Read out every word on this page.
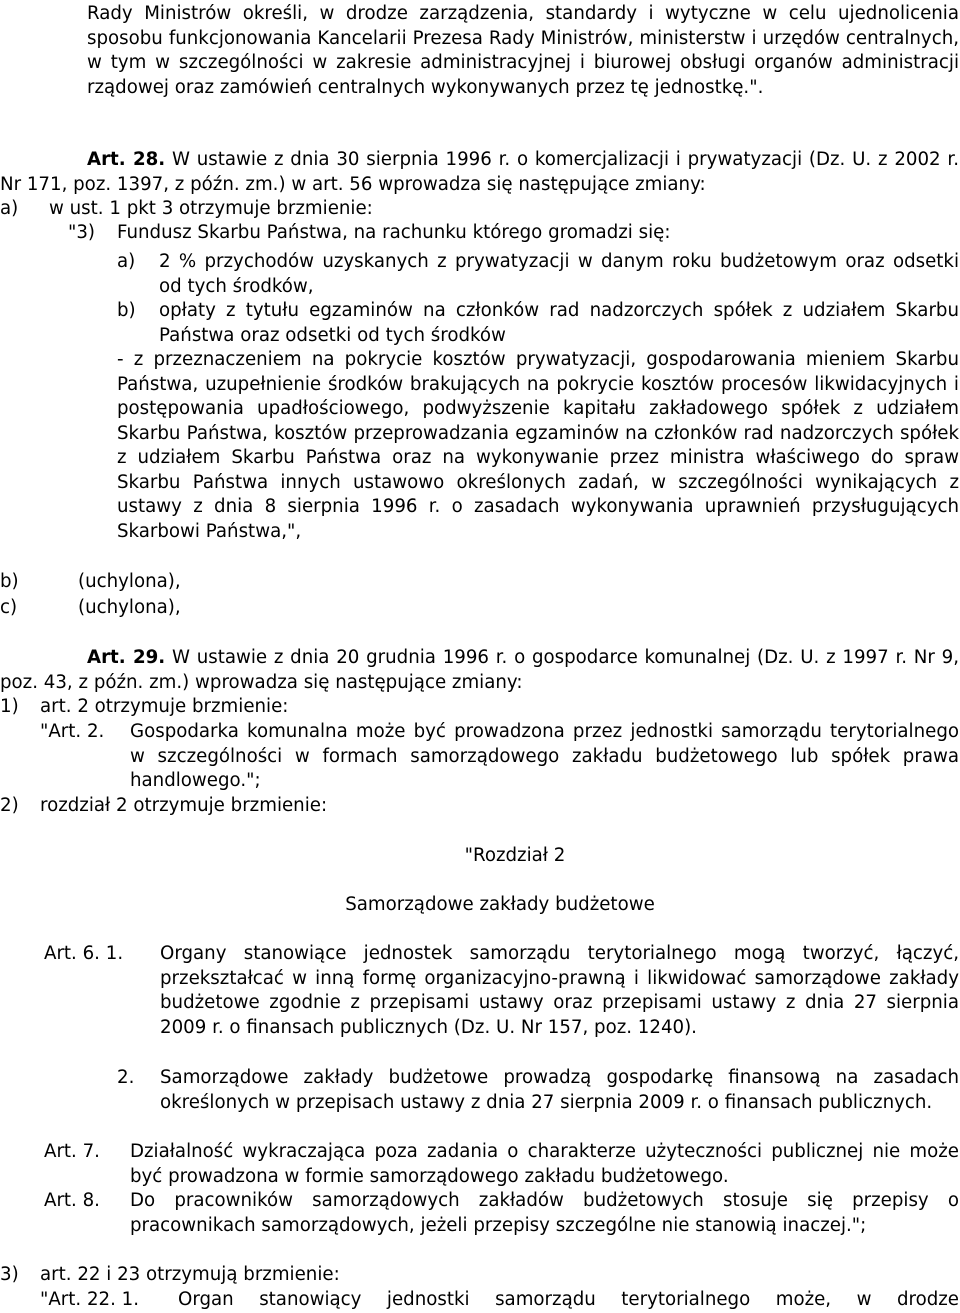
Rady Ministrów określi, w drodze zarządzenia, standardy i wytyczne w celu ujednolicenia sposobu funkcjonowania Kancelarii Prezesa Rady Ministrów, ministerstw i urzędów centralnych, w tym w szczególności w zakresie administracyjnej i biurowej obsługi organów administracji rządowej oraz zamówień centralnych wykonywanych przez tę jednostkę.".

Art. 28. W ustawie z dnia 30 sierpnia 1996 r. o komercjalizacji i prywatyzacji (Dz. U. z 2002 r. Nr 171, poz. 1397, z późn. zm.) w art. 56 wprowadza się następujące zmiany:

a)	w ust. 1 pkt 3 otrzymuje brzmienie:
"3)	Fundusz Skarbu Państwa, na rachunku którego gromadzi się:
a)	2 % przychodów uzyskanych z prywatyzacji w danym roku budżetowym oraz odsetki od tych środków,
b)	opłaty z tytułu egzaminów na członków rad nadzorczych spółek z udziałem Skarbu Państwa oraz odsetki od tych środków

- z przeznaczeniem na pokrycie kosztów prywatyzacji, gospodarowania mieniem Skarbu Państwa, uzupełnienie środków brakujących na pokrycie kosztów procesów likwidacyjnych i postępowania upadłościowego, podwyższenie kapitału zakładowego spółek z udziałem Skarbu Państwa, kosztów przeprowadzania egzaminów na członków rad nadzorczych spółek z udziałem Skarbu Państwa oraz na wykonywanie przez ministra właściwego do spraw Skarbu Państwa innych ustawowo określonych zadań, w szczególności wynikających z ustawy z dnia 8 sierpnia 1996 r. o zasadach wykonywania uprawnień przysługujących Skarbowi Państwa,",

b)	(uchylona),
c)	(uchylona),

Art. 29. W ustawie z dnia 20 grudnia 1996 r. o gospodarce komunalnej (Dz. U. z 1997 r. Nr 9, poz. 43, z późn. zm.) wprowadza się następujące zmiany:

1)	art. 2 otrzymuje brzmienie:
"Art. 2.	Gospodarka komunalna może być prowadzona przez jednostki samorządu terytorialnego w szczególności w formach samorządowego zakładu budżetowego lub spółek prawa handlowego.";
2)	rozdział 2 otrzymuje brzmienie:

"Rozdział 2

Samorządowe zakłady budżetowe

Art. 6. 1.	Organy stanowiące jednostek samorządu terytorialnego mogą tworzyć, łączyć, przekształcać w inną formę organizacyjno-prawną i likwidować samorządowe zakłady budżetowe zgodnie z przepisami ustawy oraz przepisami ustawy z dnia 27 sierpnia 2009 r. o finansach publicznych (Dz. U. Nr 157, poz. 1240).
2.	Samorządowe zakłady budżetowe prowadzą gospodarkę finansową na zasadach określonych w przepisach ustawy z dnia 27 sierpnia 2009 r. o finansach publicznych.
Art. 7.	Działalność wykraczająca poza zadania o charakterze użyteczności publicznej nie może być prowadzona w formie samorządowego zakładu budżetowego.
Art. 8.	Do pracowników samorządowych zakładów budżetowych stosuje się przepisy o pracownikach samorządowych, jeżeli przepisy szczególne nie stanowią inaczej.";
3)	art. 22 i 23 otrzymują brzmienie:
"Art. 22. 1.	Organ stanowiący jednostki samorządu terytorialnego może, w drodze
